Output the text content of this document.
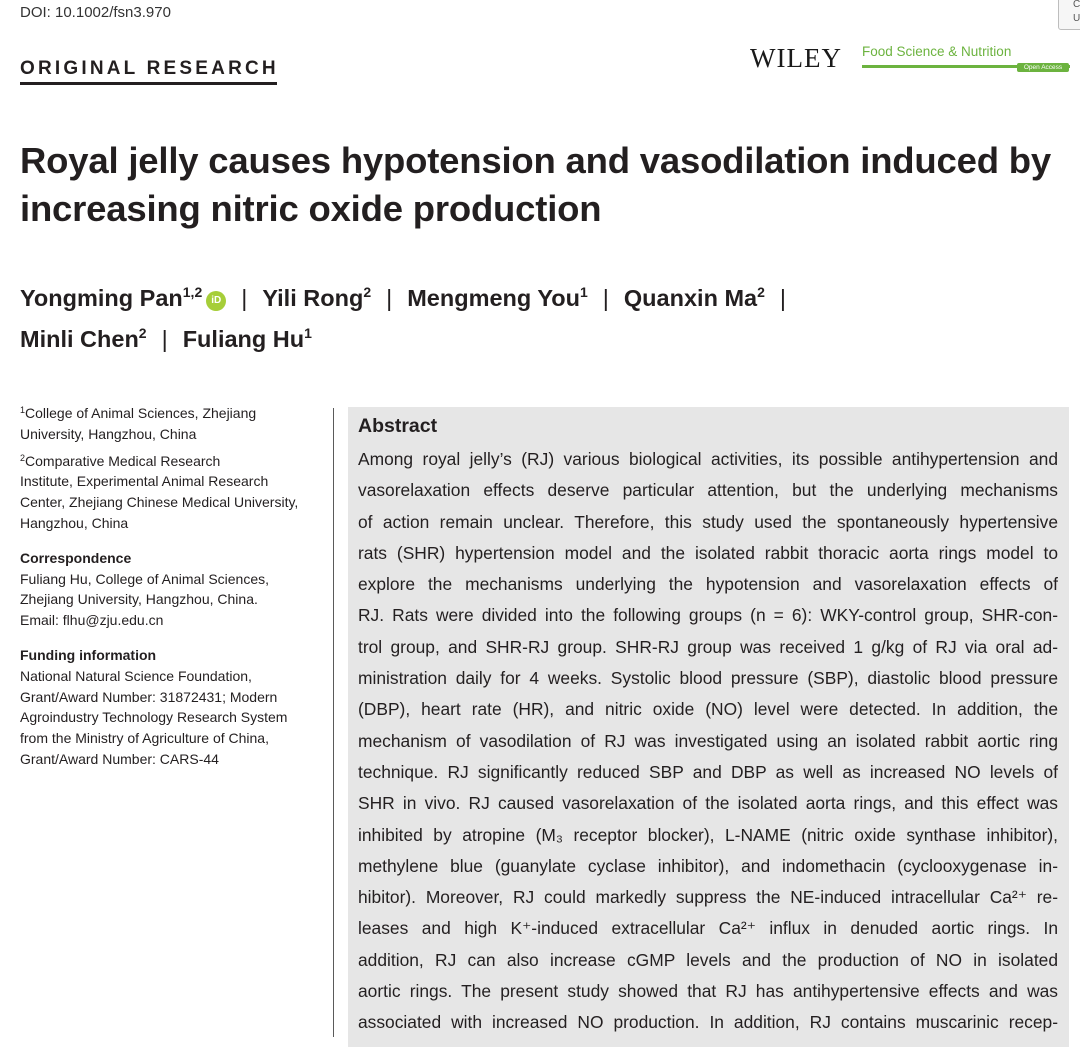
DOI: 10.1002/fsn3.970	C
U
ORIGINAL RESEARCH	WILEY Food Science & Nutrition
Open Access
Royal jelly causes hypotension and vasodilation induced by increasing nitric oxide production
Yongming Pan$^{1,2}$iD | Yili Rong$^2$ | Mengmeng You$^1$ | Quanxin Ma$^2$ |
Minli Chen$^2$ | Fuliang Hu$^1$
$^1$College of Animal Sciences, Zhejiang
University, Hangzhou, China
$^2$Comparative Medical Research
Institute, Experimental Animal Research
Center, Zhejiang Chinese Medical University,
Hangzhou, China
Correspondence
Fuliang Hu, College of Animal Sciences,
Zhejiang University, Hangzhou, China.
Email: flhu@zju.edu.cn
Funding information
National Natural Science Foundation,
Grant/Award Number: 31872431; Modern
Agroindustry Technology Research System
from the Ministry of Agriculture of China,
Grant/Award Number: CARS-44
Abstract
Among royal jelly’s (RJ) various biological activities, its possible antihypertension and
vasorelaxation effects deserve particular attention, but the underlying mechanisms
of action remain unclear. Therefore, this study used the spontaneously hypertensive
rats (SHR) hypertension model and the isolated rabbit thoracic aorta rings model to
explore the mechanisms underlying the hypotension and vasorelaxation effects of
RJ. Rats were divided into the following groups (n = 6): WKY-control group, SHR-con-
trol group, and SHR-RJ group. SHR-RJ group was received 1 g/kg of RJ via oral ad-
ministration daily for 4 weeks. Systolic blood pressure (SBP), diastolic blood pressure
(DBP), heart rate (HR), and nitric oxide (NO) level were detected. In addition, the
mechanism of vasodilation of RJ was investigated using an isolated rabbit aortic ring
technique. RJ significantly reduced SBP and DBP as well as increased NO levels of
SHR in vivo. RJ caused vasorelaxation of the isolated aorta rings, and this effect was
inhibited by atropine (M₃ receptor blocker), L-NAME (nitric oxide synthase inhibitor),
methylene blue (guanylate cyclase inhibitor), and indomethacin (cyclooxygenase in-
hibitor). Moreover, RJ could markedly suppress the NE-induced intracellular Ca²⁺ re-
leases and high K⁺-induced extracellular Ca²⁺ influx in denuded aortic rings. In
addition, RJ can also increase cGMP levels and the production of NO in isolated
aortic rings. The present study showed that RJ has antihypertensive effects and was
associated with increased NO production. In addition, RJ contains muscarinic recep-
